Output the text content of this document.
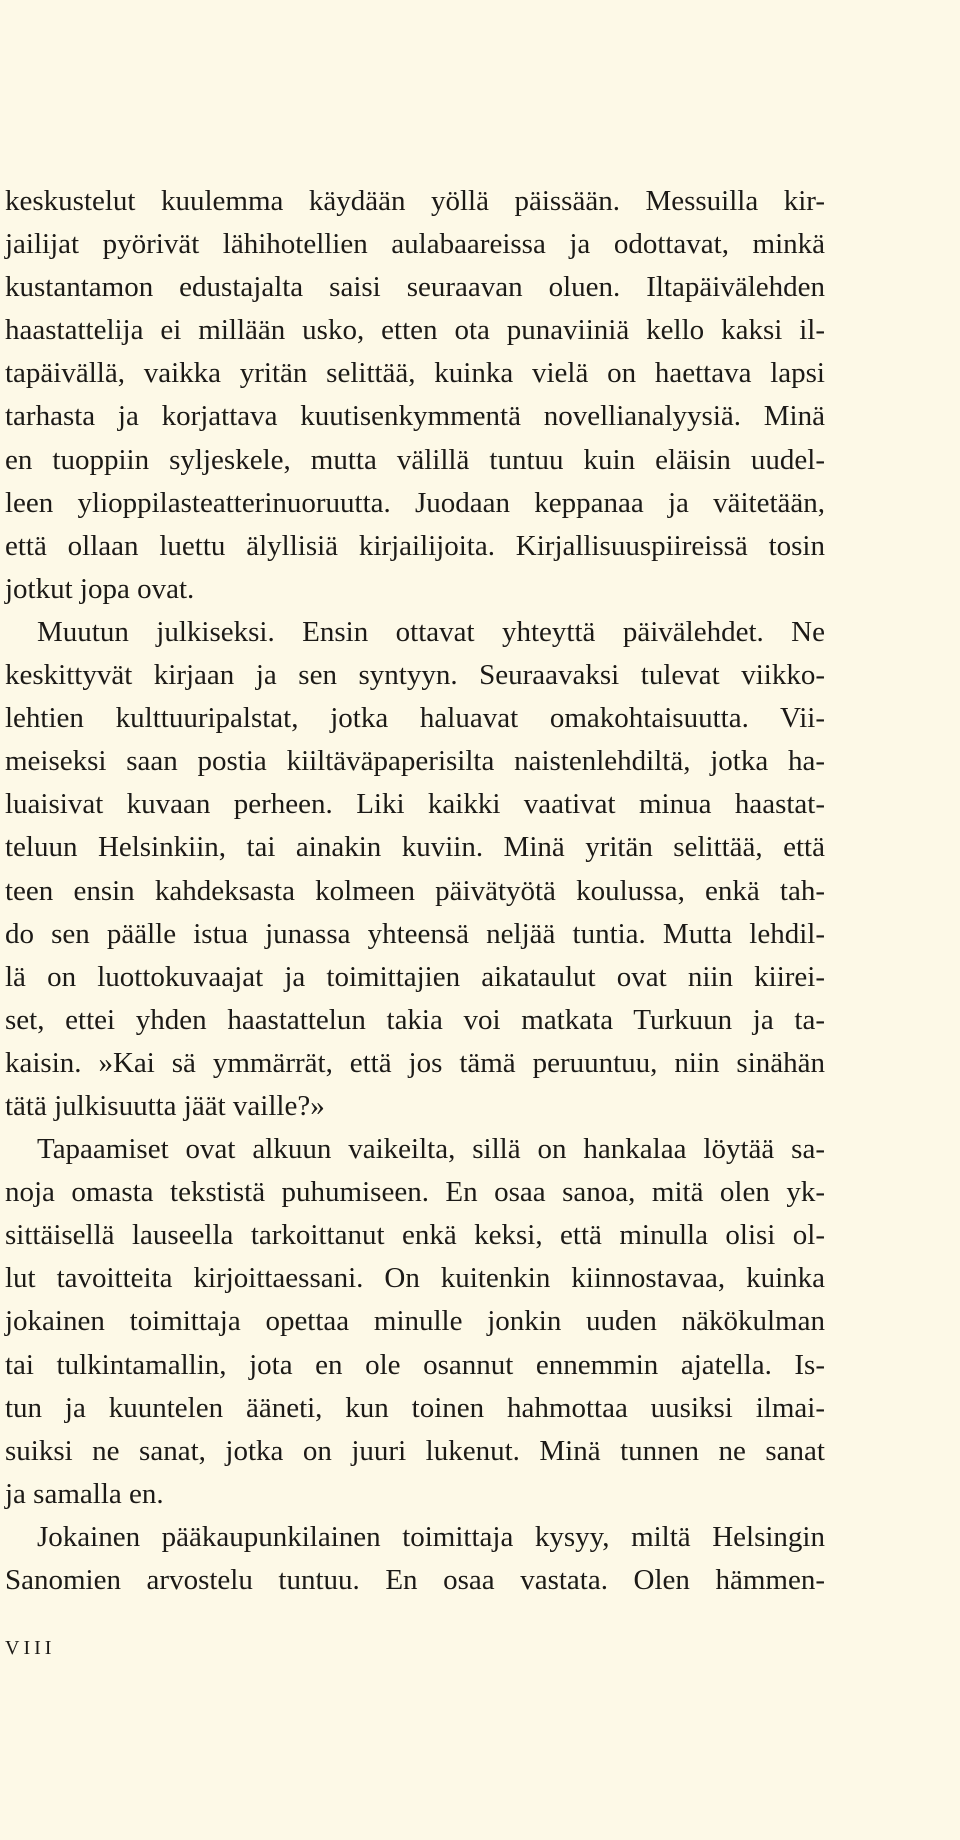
keskustelut kuulemma käydään yöllä päissään. Messuilla kir-
jailijat pyörivät lähihotellien aulabaareissa ja odottavat, minkä
kustantamon edustajalta saisi seuraavan oluen. Iltapäivälehden
haastattelija ei millään usko, etten ota punaviiniä kello kaksi il-
tapäivällä, vaikka yritän selittää, kuinka vielä on haettava lapsi
tarhasta ja korjattava kuutisenkymmentä novellianalyysiä. Minä
en tuoppiin syljeskele, mutta välillä tuntuu kuin eläisin uudel-
leen ylioppilasteatterinuoruutta. Juodaan keppanaa ja väitetään,
että ollaan luettu älyllisiä kirjailijoita. Kirjallisuuspiireissä tosin
jotkut jopa ovat.
Muutun julkiseksi. Ensin ottavat yhteyttä päivälehdet. Ne
keskittyvät kirjaan ja sen syntyyn. Seuraavaksi tulevat viikko-
lehtien kulttuuripalstat, jotka haluavat omakohtaisuutta. Vii-
meiseksi saan postia kiiltäväpaperisilta naistenlehdiltä, jotka ha-
luaisivat kuvaan perheen. Liki kaikki vaativat minua haastat-
teluun Helsinkiin, tai ainakin kuviin. Minä yritän selittää, että
teen ensin kahdeksasta kolmeen päivätyötä koulussa, enkä tah-
do sen päälle istua junassa yhteensä neljää tuntia. Mutta lehdil-
lä on luottokuvaajat ja toimittajien aikataulut ovat niin kiirei-
set, ettei yhden haastattelun takia voi matkata Turkuun ja ta-
kaisin. »Kai sä ymmärrät, että jos tämä peruuntuu, niin sinähän
tätä julkisuutta jäät vaille?»
Tapaamiset ovat alkuun vaikeilta, sillä on hankalaa löytää sa-
noja omasta tekstistä puhumiseen. En osaa sanoa, mitä olen yk-
sittäisellä lauseella tarkoittanut enkä keksi, että minulla olisi ol-
lut tavoitteita kirjoittaessani. On kuitenkin kiinnostavaa, kuinka
jokainen toimittaja opettaa minulle jonkin uuden näkökulman
tai tulkintamallin, jota en ole osannut ennemmin ajatella. Is-
tun ja kuuntelen ääneti, kun toinen hahmottaa uusiksi ilmai-
suiksi ne sanat, jotka on juuri lukenut. Minä tunnen ne sanat
ja samalla en.
Jokainen pääkaupunkilainen toimittaja kysyy, miltä Helsingin
Sanomien arvostelu tuntuu. En osaa vastata. Olen hämmen-
VIII
